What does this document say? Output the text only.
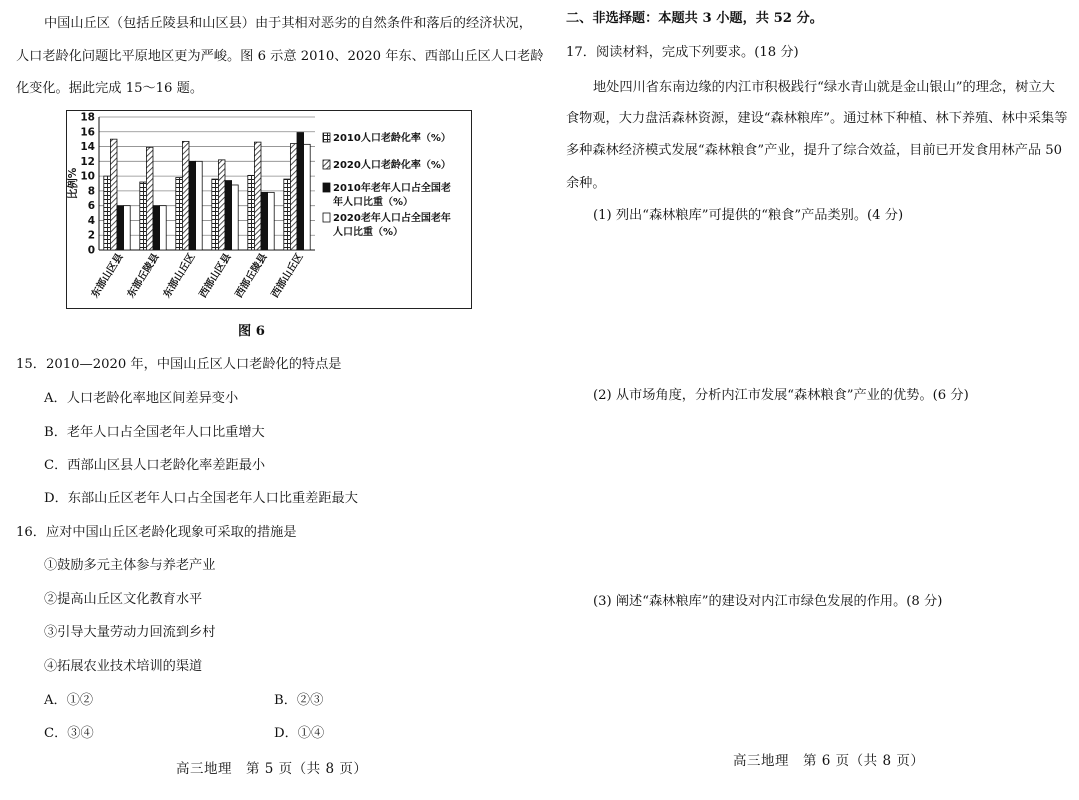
中国山丘区（包括丘陵县和山区县）由于其相对恶劣的自然条件和落后的经济状况，
人口老龄化问题比平原地区更为严峻。图 6 示意 2010、2020 年东、西部山丘区人口老龄
化变化。据此完成 15～16 题。
0
2
4
6
8
10
12
14
16
18
比例%
东部山区县 东部丘陵县 东部山丘区 西部山区县 西部丘陵县 西部山丘区
2010人口老龄化率（%）
2020人口老龄化率（%）
2010年老年人口占全国老
年人口比重（%）
2020老年人口占全国老年
人口比重（%）
图 6
15．2010—2020 年，中国山丘区人口老龄化的特点是
A．人口老龄化率地区间差异变小
B．老年人口占全国老年人口比重增大
C．西部山区县人口老龄化率差距最小
D．东部山丘区老年人口占全国老年人口比重差距最大
16．应对中国山丘区老龄化现象可采取的措施是
①鼓励多元主体参与养老产业
②提高山丘区文化教育水平
③引导大量劳动力回流到乡村
④拓展农业技术培训的渠道
A．①②	B．②③
C．③④	D．①④
高三地理　第 5 页（共 8 页）
二、非选择题：本题共 3 小题，共 52 分。
17．阅读材料，完成下列要求。(18 分)
地处四川省东南边缘的内江市积极践行“绿水青山就是金山银山”的理念，树立大
食物观，大力盘活森林资源，建设“森林粮库”。通过林下种植、林下养殖、林中采集等
多种森林经济模式发展“森林粮食”产业，提升了综合效益，目前已开发食用林产品 50
余种。
(1) 列出“森林粮库”可提供的“粮食”产品类别。(4 分)
(2) 从市场角度，分析内江市发展“森林粮食”产业的优势。(6 分)
(3) 阐述“森林粮库”的建设对内江市绿色发展的作用。(8 分)
高三地理　第 6 页（共 8 页）
